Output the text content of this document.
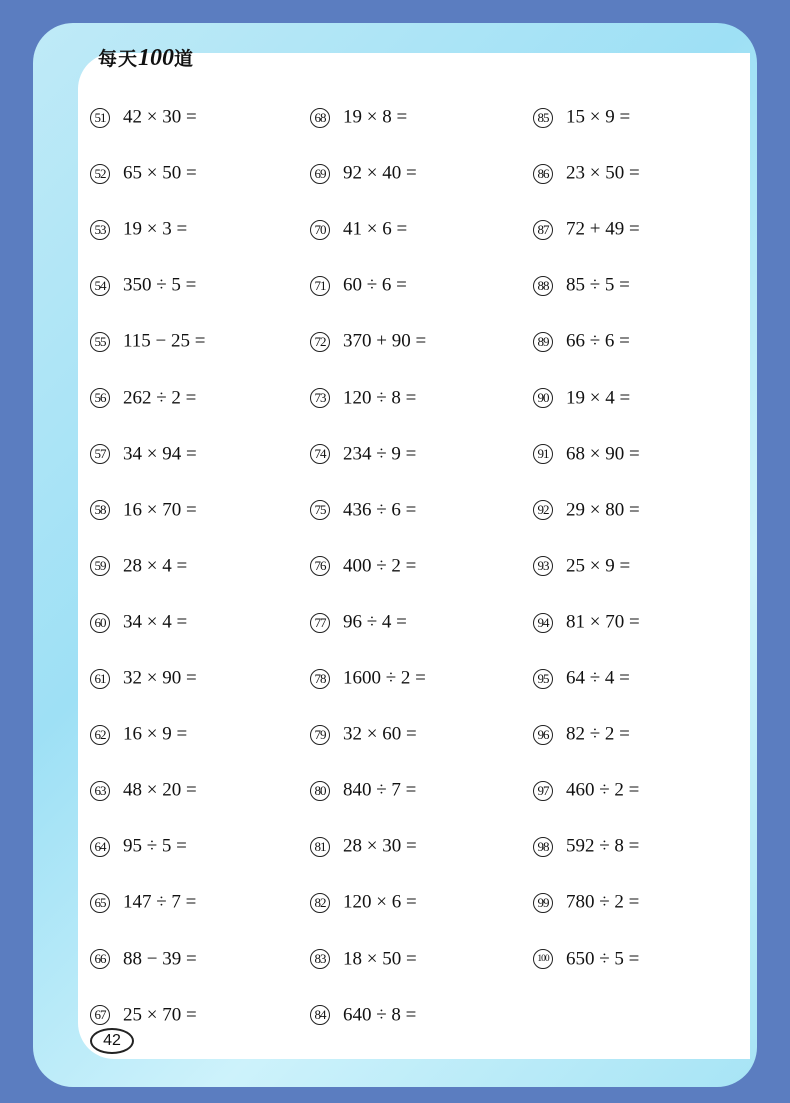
每天100道
51 42 × 30 =
52 65 × 50 =
53 19 × 3 =
54 350 ÷ 5 =
55 115 − 25 =
56 262 ÷ 2 =
57 34 × 94 =
58 16 × 70 =
59 28 × 4 =
60 34 × 4 =
61 32 × 90 =
62 16 × 9 =
63 48 × 20 =
64 95 ÷ 5 =
65 147 ÷ 7 =
66 88 − 39 =
67 25 × 70 =
68 19 × 8 =
69 92 × 40 =
70 41 × 6 =
71 60 ÷ 6 =
72 370 + 90 =
73 120 ÷ 8 =
74 234 ÷ 9 =
75 436 ÷ 6 =
76 400 ÷ 2 =
77 96 ÷ 4 =
78 1600 ÷ 2 =
79 32 × 60 =
80 840 ÷ 7 =
81 28 × 30 =
82 120 × 6 =
83 18 × 50 =
84 640 ÷ 8 =
85 15 × 9 =
86 23 × 50 =
87 72 + 49 =
88 85 ÷ 5 =
89 66 ÷ 6 =
90 19 × 4 =
91 68 × 90 =
92 29 × 80 =
93 25 × 9 =
94 81 × 70 =
95 64 ÷ 4 =
96 82 ÷ 2 =
97 460 ÷ 2 =
98 592 ÷ 8 =
99 780 ÷ 2 =
100 650 ÷ 5 =
42
